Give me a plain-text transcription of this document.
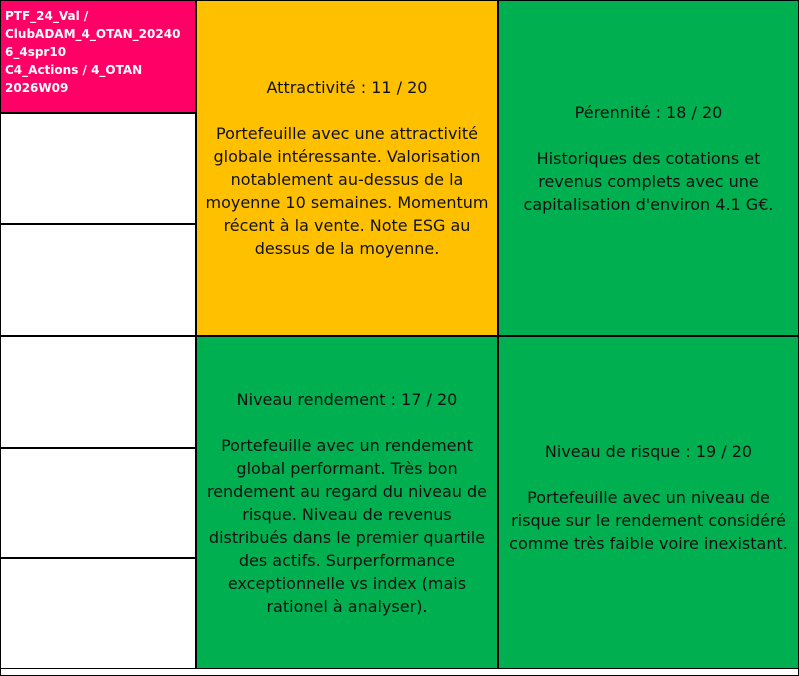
PTF_24_Val /
ClubADAM_4_OTAN_20240
6_4spr10
C4_Actions / 4_OTAN
2026W09	Attractivité : 11 / 20
Portefeuille avec une attractivité globale intéressante. Valorisation notablement au-dessus de la moyenne 10 semaines. Momentum récent à la vente. Note ESG au dessus de la moyenne.
Pérennité : 18 / 20
Historiques des cotations et revenus complets avec une capitalisation d'environ 4.1 G€.
Niveau rendement : 17 / 20
Portefeuille avec un rendement global performant. Très bon rendement au regard du niveau de risque. Niveau de revenus distribués dans le premier quartile des actifs. Surperformance exceptionnelle vs index (mais rationel à analyser).
Niveau de risque : 19 / 20
Portefeuille avec un niveau de risque sur le rendement considéré comme très faible voire inexistant.
